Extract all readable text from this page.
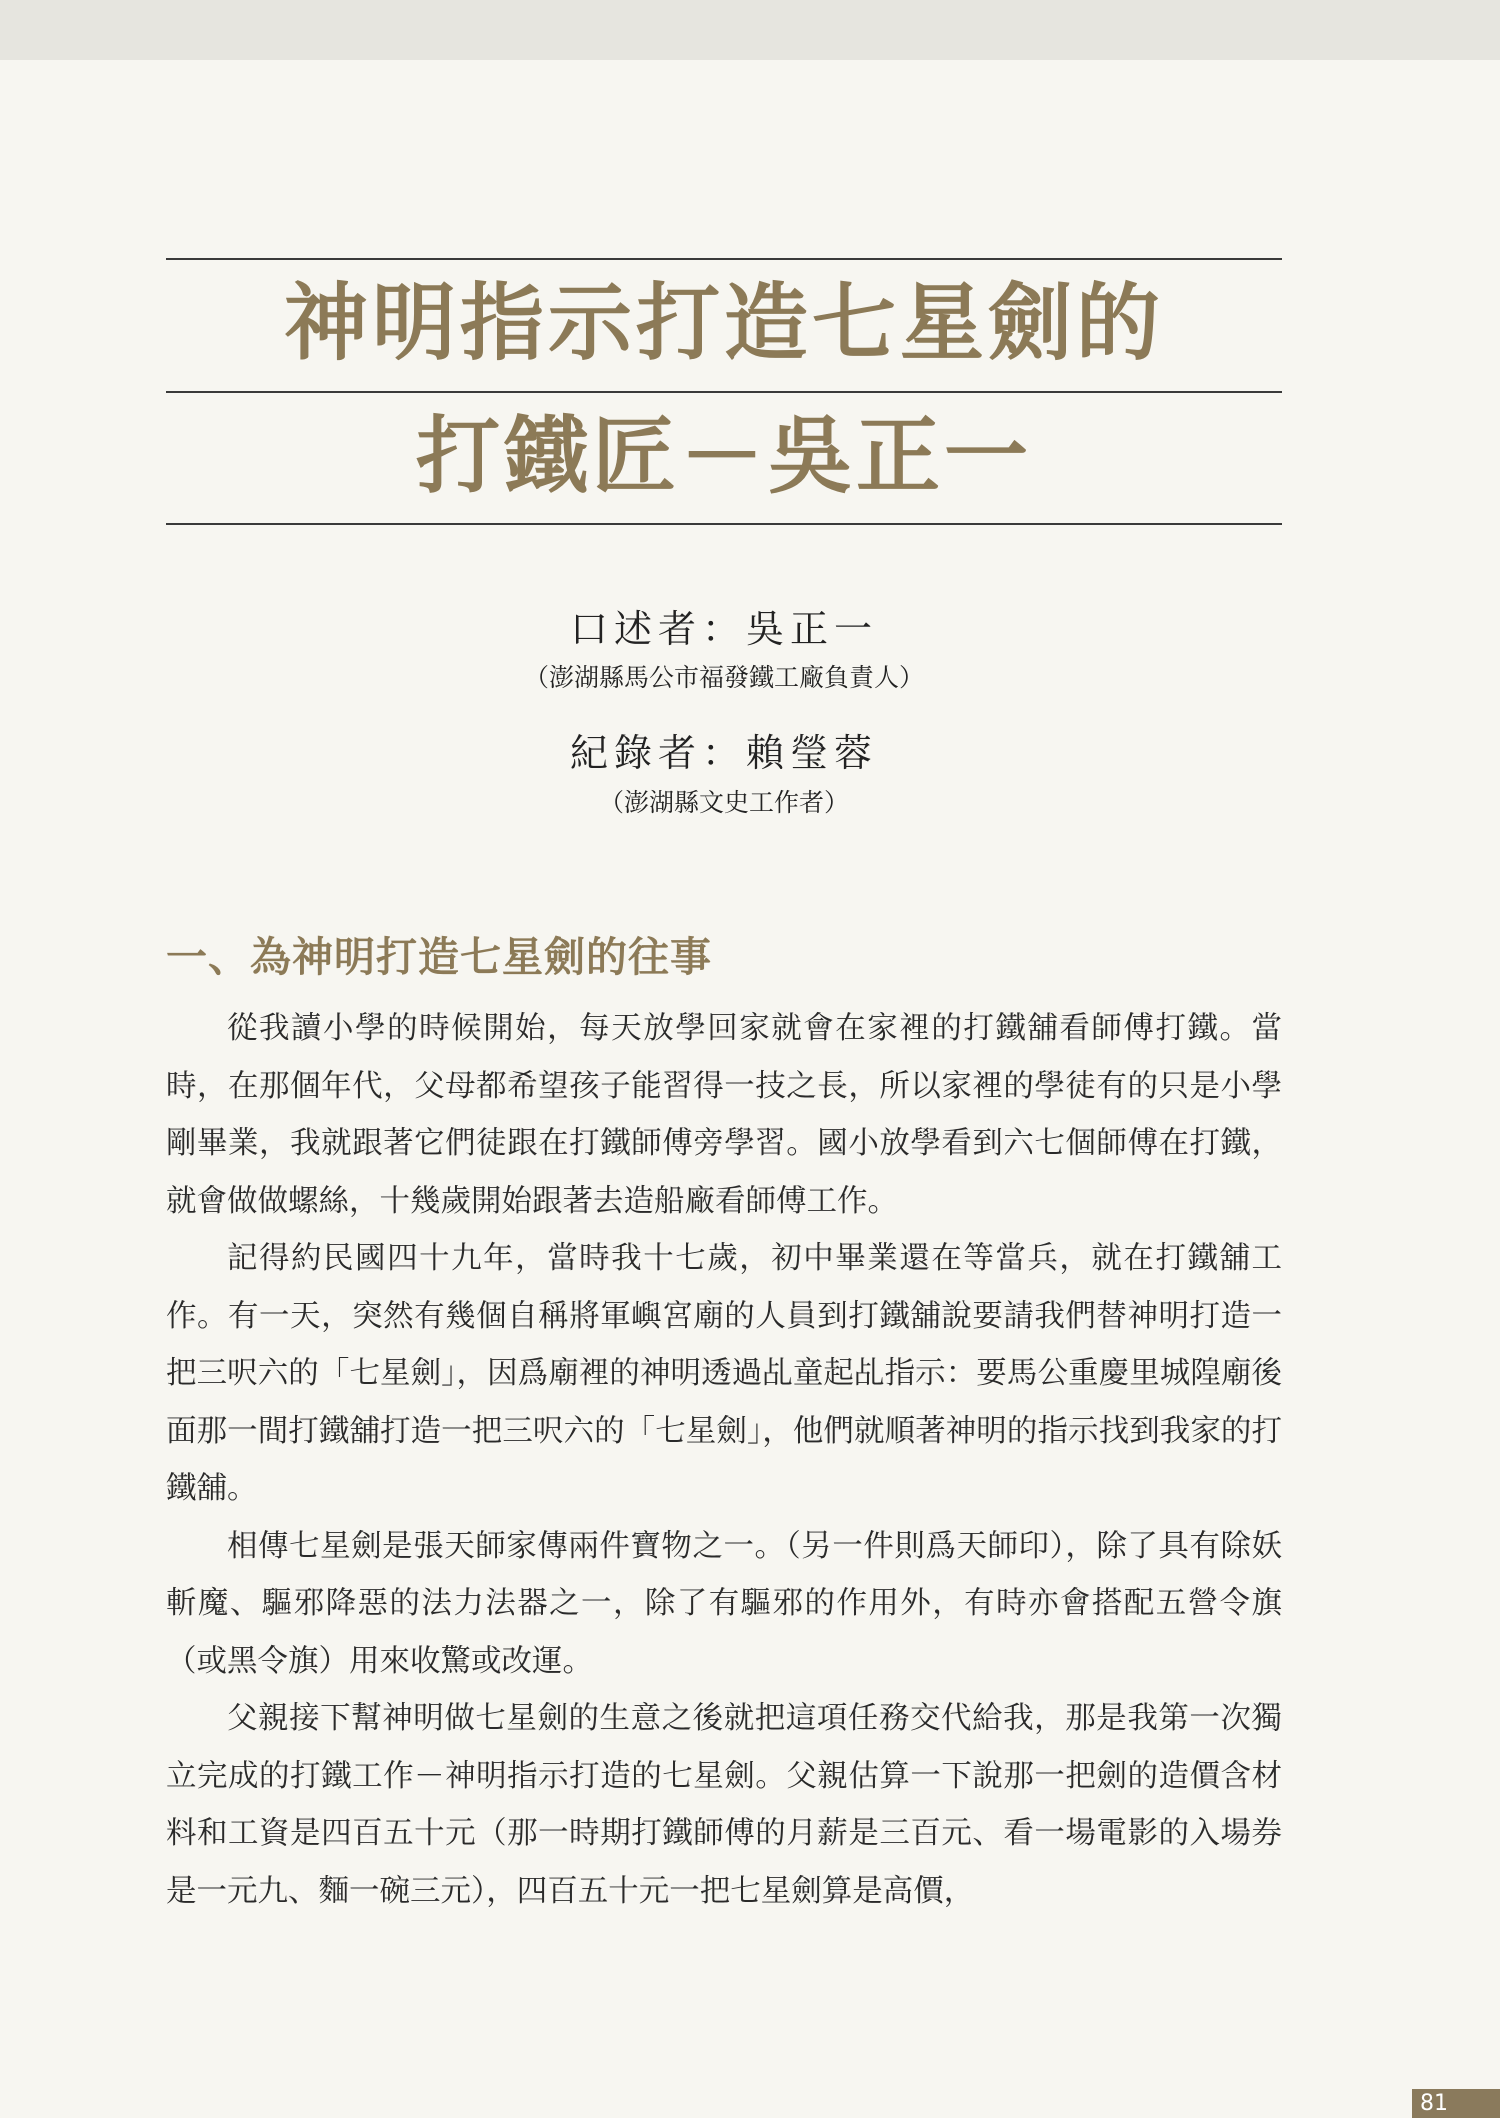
神明指示打造七星劍的
打鐵匠－吳正一
口述者：吳正一
（澎湖縣馬公市福發鐵工廠負責人）
紀錄者：賴瑩蓉
（澎湖縣文史工作者）
一、為神明打造七星劍的往事

從我讀小學的時候開始，每天放學回家就會在家裡的打鐵舖看師傅打鐵。當時，在那個年代，父母都希望孩子能習得一技之長，所以家裡的學徒有的只是小學剛畢業，我就跟著它們徒跟在打鐵師傅旁學習。國小放學看到六七個師傅在打鐵，就會做做螺絲，十幾歲開始跟著去造船廠看師傅工作。

記得約民國四十九年，當時我十七歲，初中畢業還在等當兵，就在打鐵舖工作。有一天，突然有幾個自稱將軍嶼宮廟的人員到打鐵舖說要請我們替神明打造一把三呎六的「七星劍」，因爲廟裡的神明透過乩童起乩指示：要馬公重慶里城隍廟後面那一間打鐵舖打造一把三呎六的「七星劍」，他們就順著神明的指示找到我家的打鐵舖。

相傳七星劍是張天師家傳兩件寶物之一。（另一件則爲天師印），除了具有除妖斬魔、驅邪降惡的法力法器之一，除了有驅邪的作用外，有時亦會搭配五營令旗（或黑令旗）用來收驚或改運。

父親接下幫神明做七星劍的生意之後就把這項任務交代給我，那是我第一次獨立完成的打鐵工作－神明指示打造的七星劍。父親估算一下說那一把劍的造價含材料和工資是四百五十元（那一時期打鐵師傅的月薪是三百元、看一場電影的入場券是一元九、麵一碗三元），四百五十元一把七星劍算是高價，

81
